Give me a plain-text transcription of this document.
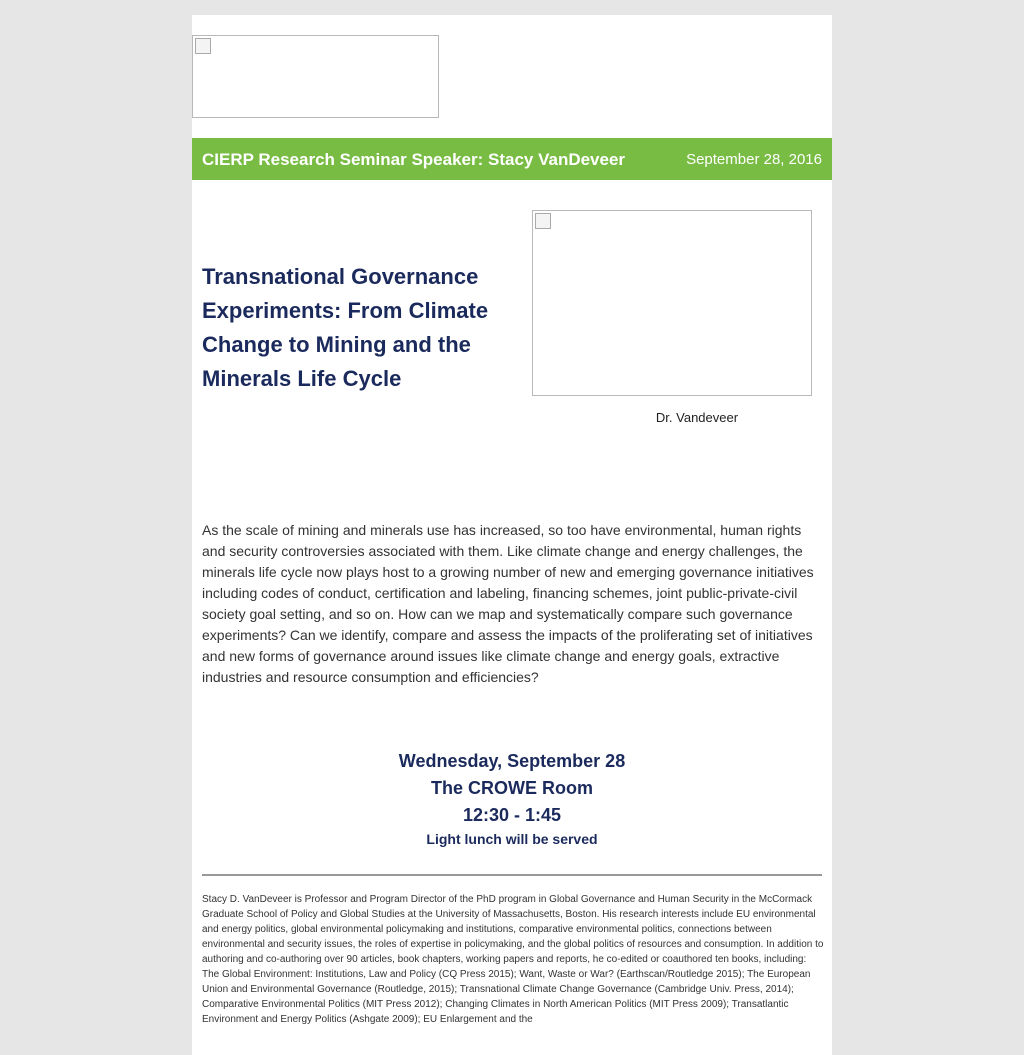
CIERP Research Seminar Speaker: Stacy VanDeveer	September 28, 2016
Transnational Governance Experiments: From Climate Change to Mining and the Minerals Life Cycle
Dr. Vandeveer

As the scale of mining and minerals use has increased, so too have environmental, human rights and security controversies associated with them. Like climate change and energy challenges, the minerals life cycle now plays host to a growing number of new and emerging governance initiatives including codes of conduct, certification and labeling, financing schemes, joint public-private-civil society goal setting, and so on. How can we map and systematically compare such governance experiments? Can we identify, compare and assess the impacts of the proliferating set of initiatives and new forms of governance around issues like climate change and energy goals, extractive industries and resource consumption and efficiencies?

Wednesday, September 28
The CROWE Room
12:30 - 1:45
Light lunch will be served

Stacy D. VanDeveer is Professor and Program Director of the PhD program in Global Governance and Human Security in the McCormack Graduate School of Policy and Global Studies at the University of Massachusetts, Boston. His research interests include EU environmental and energy politics, global environmental policymaking and institutions, comparative environmental politics, connections between environmental and security issues, the roles of expertise in policymaking, and the global politics of resources and consumption. In addition to authoring and co-authoring over 90 articles, book chapters, working papers and reports, he co-edited or coauthored ten books, including: The Global Environment: Institutions, Law and Policy (CQ Press 2015); Want, Waste or War? (Earthscan/Routledge 2015); The European Union and Environmental Governance (Routledge, 2015); Transnational Climate Change Governance (Cambridge Univ. Press, 2014); Comparative Environmental Politics (MIT Press 2012); Changing Climates in North American Politics (MIT Press 2009); Transatlantic Environment and Energy Politics (Ashgate 2009); EU Enlargement and the
